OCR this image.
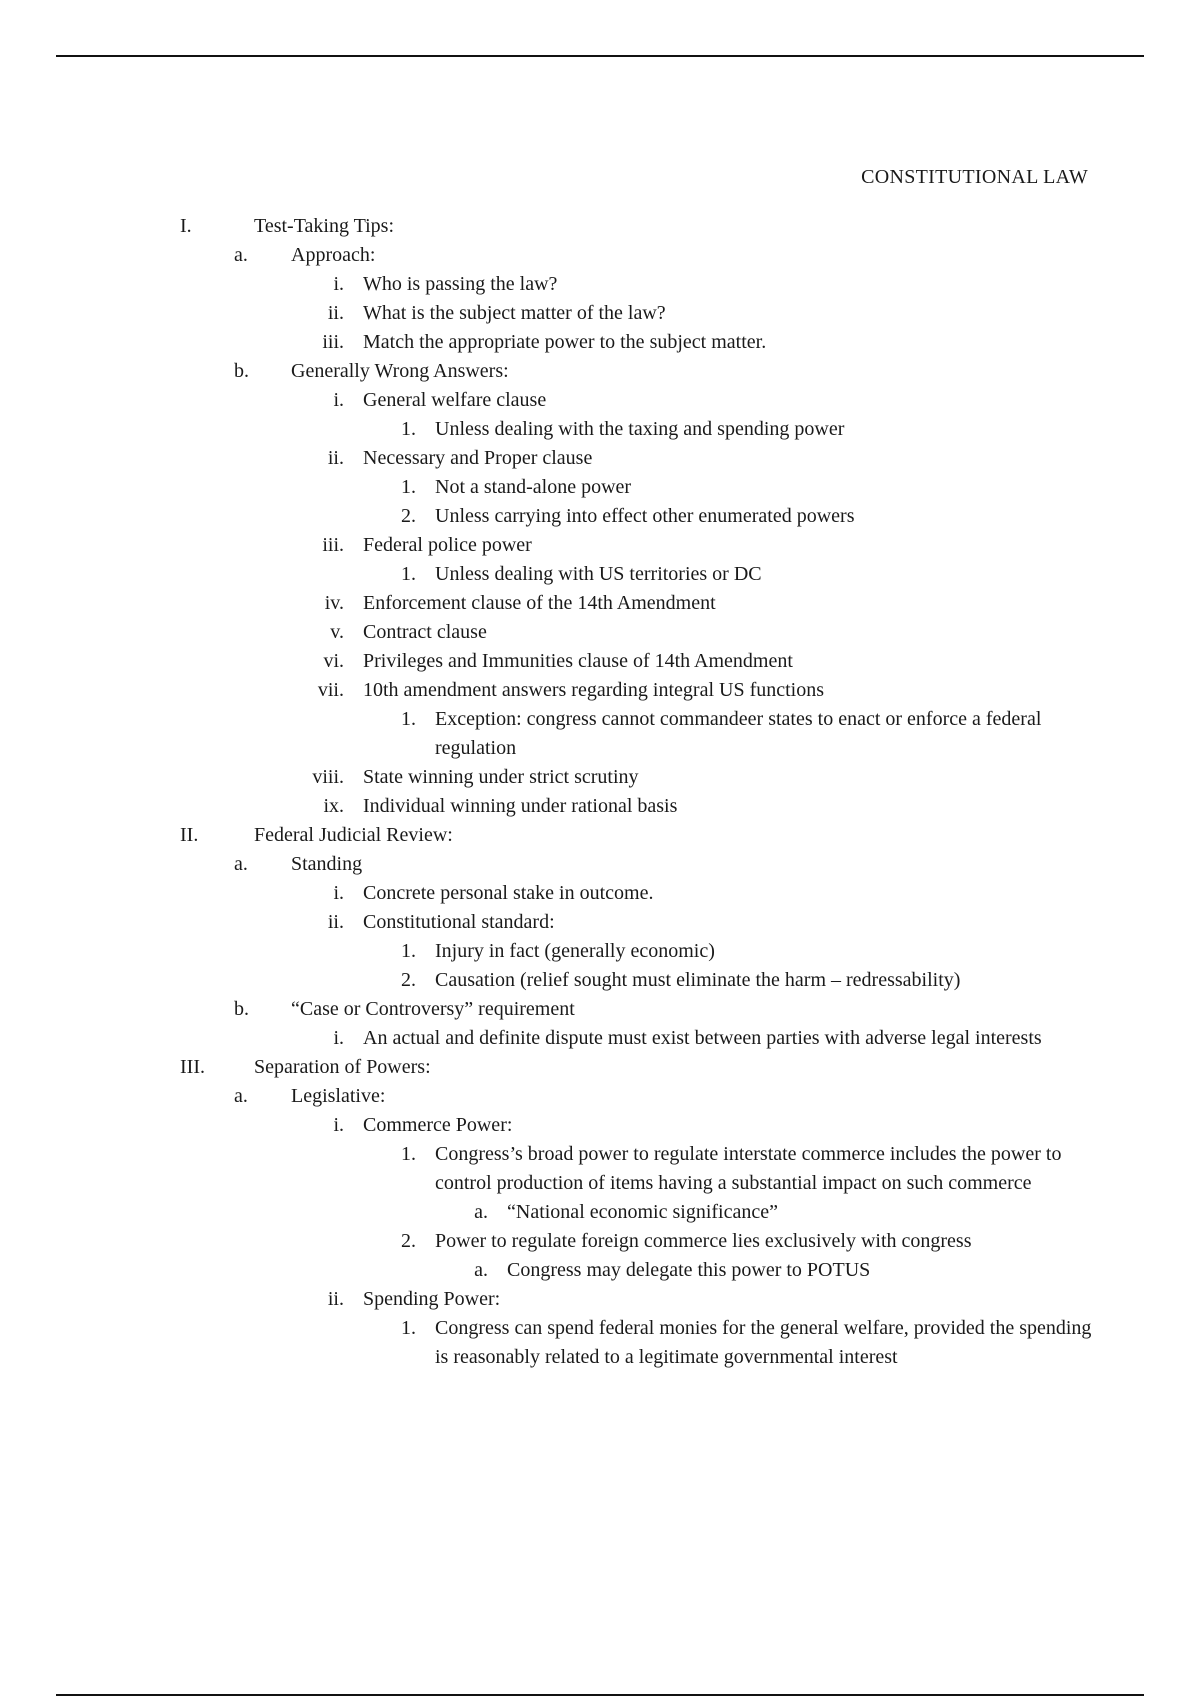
CONSTITUTIONAL LAW
I.	Test-Taking Tips:
a.	Approach:
i. Who is passing the law?
ii. What is the subject matter of the law?
iii. Match the appropriate power to the subject matter.
b.	Generally Wrong Answers:
i. General welfare clause
1. Unless dealing with the taxing and spending power
ii. Necessary and Proper clause
1. Not a stand-alone power
2. Unless carrying into effect other enumerated powers
iii. Federal police power
1. Unless dealing with US territories or DC
iv. Enforcement clause of the 14th Amendment
v. Contract clause
vi. Privileges and Immunities clause of 14th Amendment
vii. 10th amendment answers regarding integral US functions
1. Exception: congress cannot commandeer states to enact or enforce a federal regulation
viii. State winning under strict scrutiny
ix. Individual winning under rational basis
II.	Federal Judicial Review:
a.	Standing
i. Concrete personal stake in outcome.
ii. Constitutional standard:
1. Injury in fact (generally economic)
2. Causation (relief sought must eliminate the harm – redressability)
b.	“Case or Controversy” requirement
i. An actual and definite dispute must exist between parties with adverse legal interests
III.	Separation of Powers:
a.	Legislative:
i. Commerce Power:
1. Congress’s broad power to regulate interstate commerce includes the power to control production of items having a substantial impact on such commerce
a. “National economic significance”
2. Power to regulate foreign commerce lies exclusively with congress
a. Congress may delegate this power to POTUS
ii. Spending Power:
1. Congress can spend federal monies for the general welfare, provided the spending is reasonably related to a legitimate governmental interest
